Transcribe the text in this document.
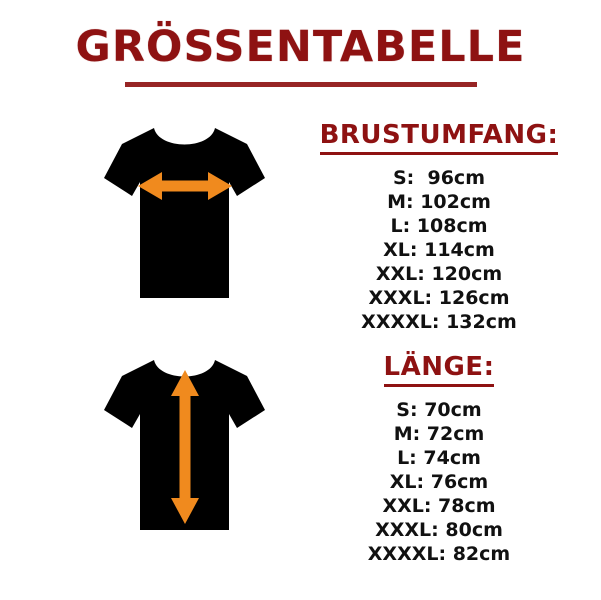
GRÖSSENTABELLE
BRUSTUMFANG:
S:  96cm
M: 102cm
L: 108cm
XL: 114cm
XXL: 120cm
XXXL: 126cm
XXXXL: 132cm
LÄNGE:
S: 70cm
M: 72cm
L: 74cm
XL: 76cm
XXL: 78cm
XXXL: 80cm
XXXXL: 82cm
